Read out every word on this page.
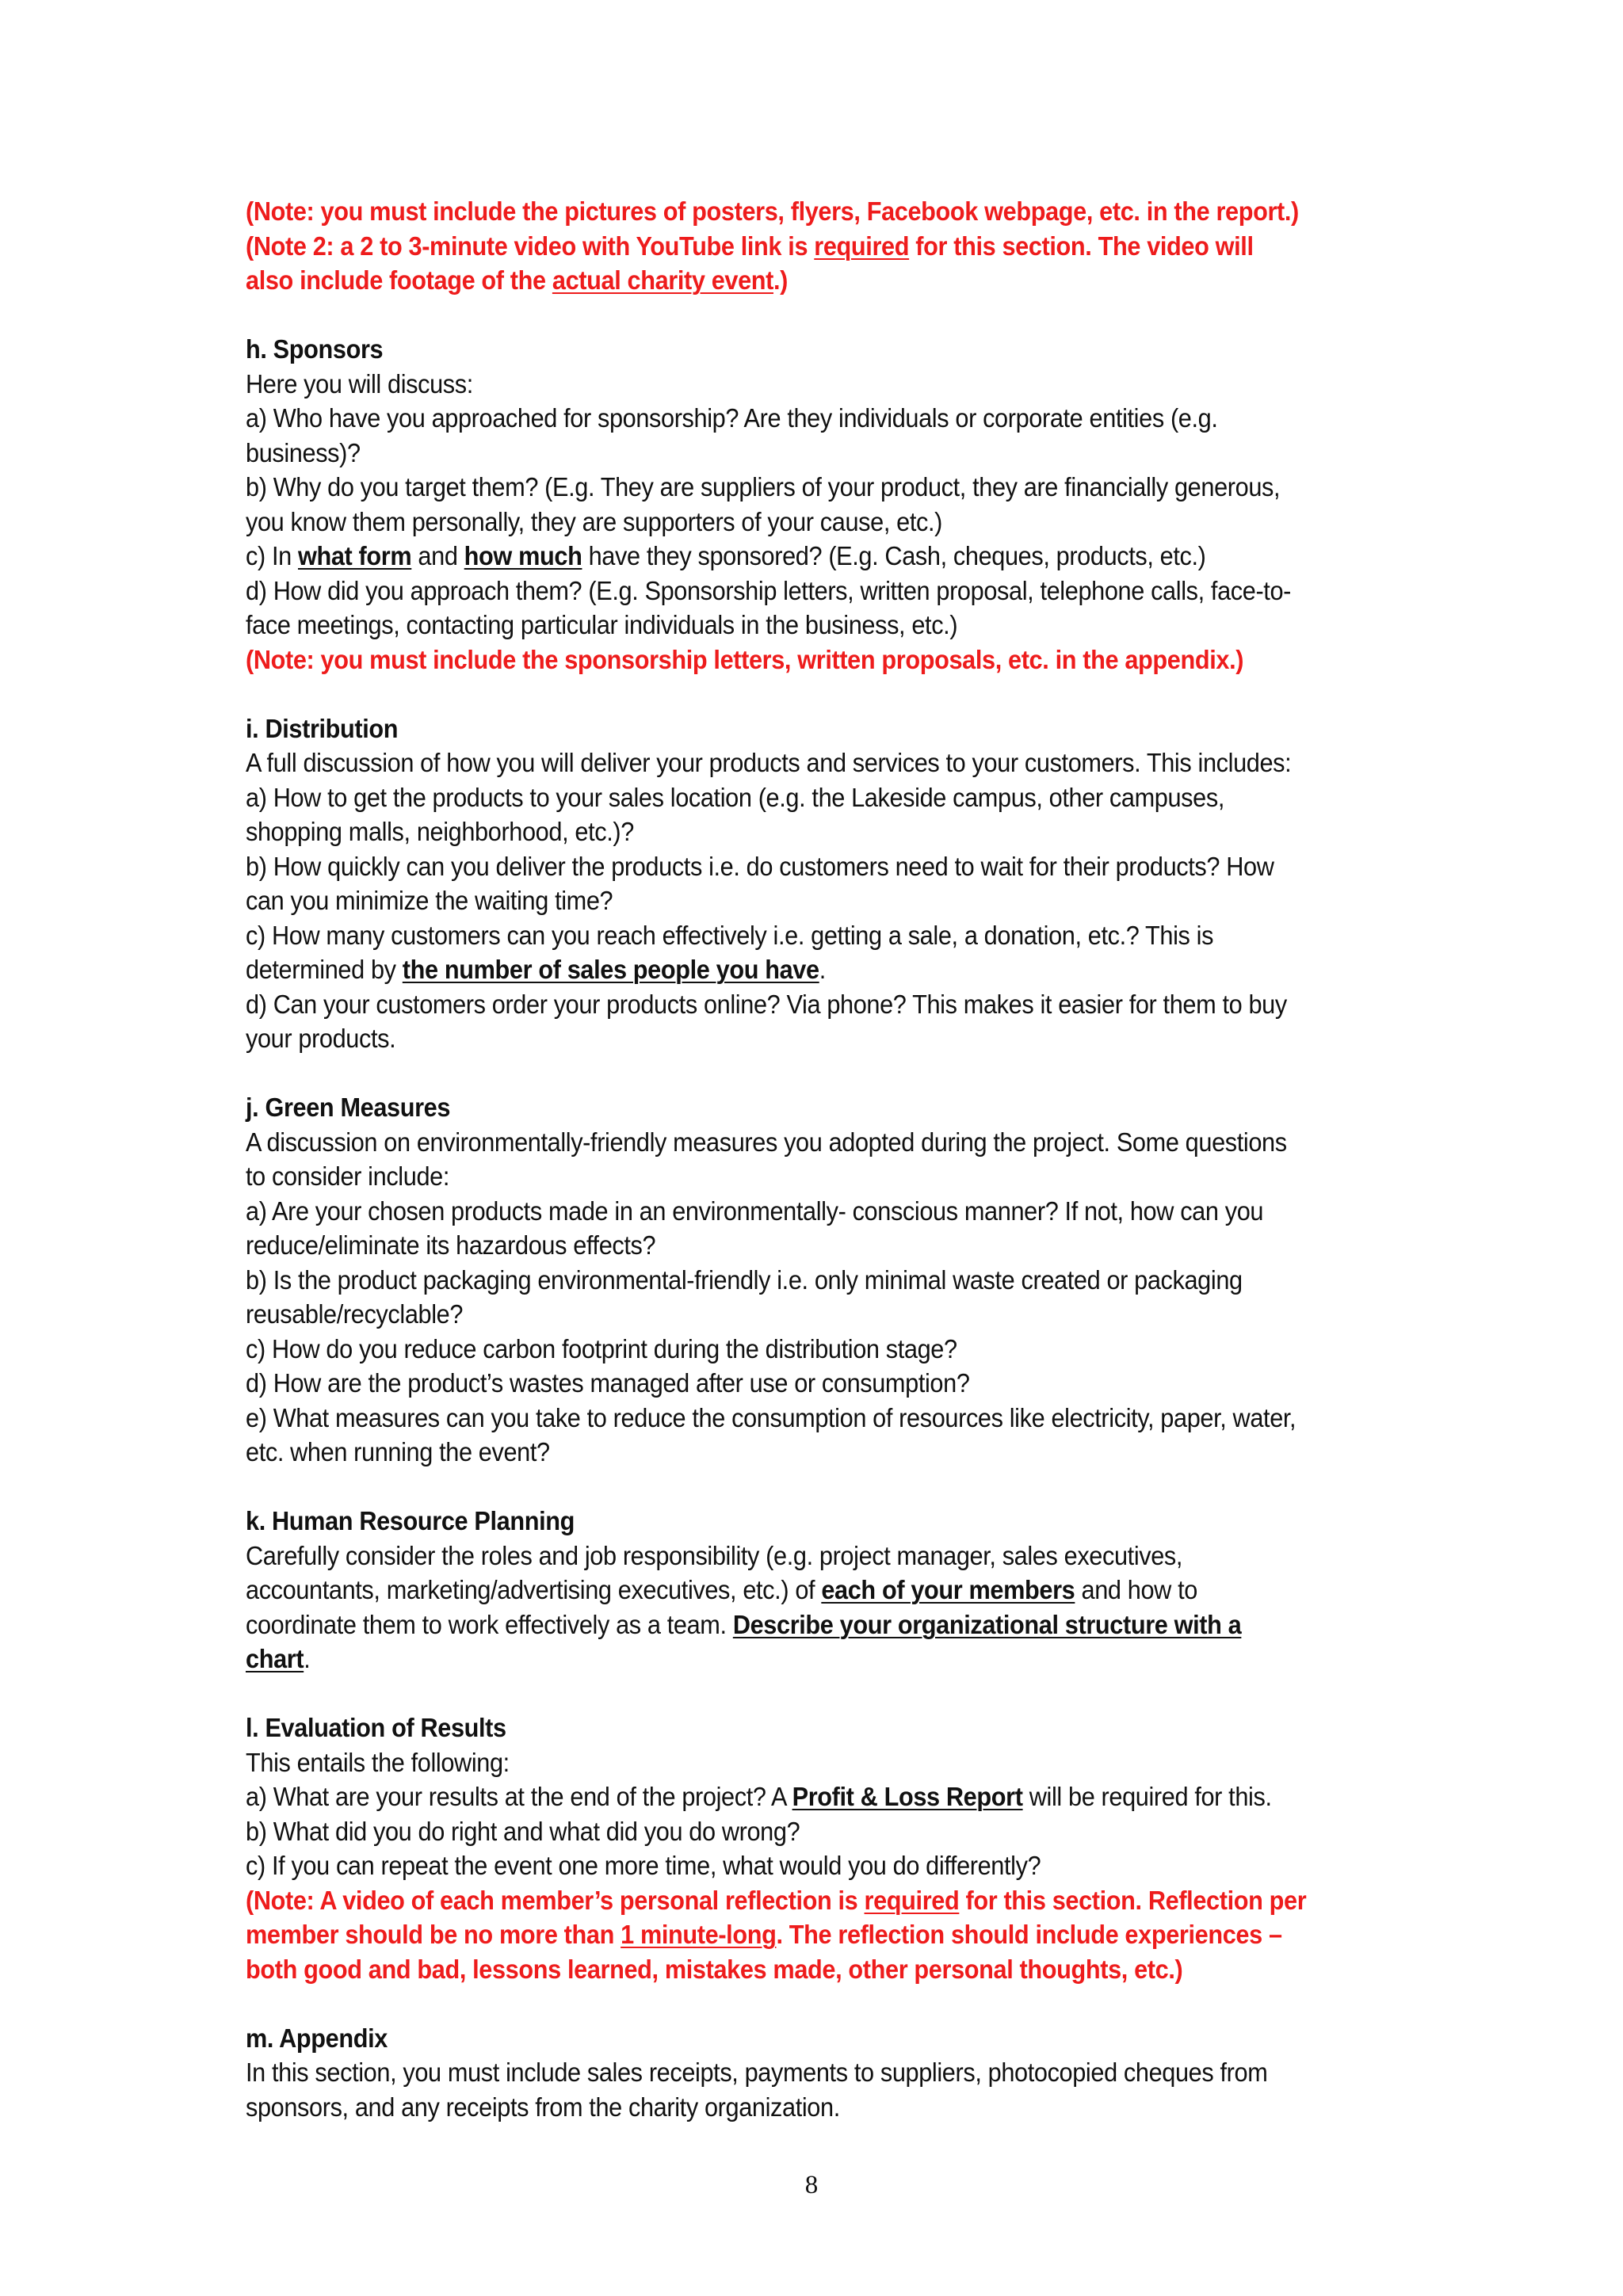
(Note: you must include the pictures of posters, flyers, Facebook webpage, etc. in the report.)

(Note 2: a 2 to 3-minute video with YouTube link is required for this section. The video will also include footage of the actual charity event.)

h. Sponsors

Here you will discuss:

a) Who have you approached for sponsorship? Are they individuals or corporate entities (e.g. business)?

b) Why do you target them? (E.g. They are suppliers of your product, they are financially generous, you know them personally, they are supporters of your cause, etc.)

c) In what form and how much have they sponsored? (E.g. Cash, cheques, products, etc.)

d) How did you approach them? (E.g. Sponsorship letters, written proposal, telephone calls, face-to-face meetings, contacting particular individuals in the business, etc.)

(Note: you must include the sponsorship letters, written proposals, etc. in the appendix.)

i. Distribution

A full discussion of how you will deliver your products and services to your customers. This includes:

a) How to get the products to your sales location (e.g. the Lakeside campus, other campuses, shopping malls, neighborhood, etc.)?

b) How quickly can you deliver the products i.e. do customers need to wait for their products? How can you minimize the waiting time?

c) How many customers can you reach effectively i.e. getting a sale, a donation, etc.? This is determined by the number of sales people you have.

d) Can your customers order your products online? Via phone? This makes it easier for them to buy your products.

j. Green Measures

A discussion on environmentally-friendly measures you adopted during the project. Some questions to consider include:

a) Are your chosen products made in an environmentally- conscious manner? If not, how can you reduce/eliminate its hazardous effects?

b) Is the product packaging environmental-friendly i.e. only minimal waste created or packaging reusable/recyclable?

c) How do you reduce carbon footprint during the distribution stage?

d) How are the product’s wastes managed after use or consumption?

e) What measures can you take to reduce the consumption of resources like electricity, paper, water, etc. when running the event?

k. Human Resource Planning

Carefully consider the roles and job responsibility (e.g. project manager, sales executives, accountants, marketing/advertising executives, etc.) of each of your members and how to coordinate them to work effectively as a team. Describe your organizational structure with a chart.

l. Evaluation of Results

This entails the following:

a) What are your results at the end of the project? A Profit & Loss Report will be required for this.

b) What did you do right and what did you do wrong?

c) If you can repeat the event one more time, what would you do differently?

(Note: A video of each member’s personal reflection is required for this section. Reflection per member should be no more than 1 minute-long. The reflection should include experiences – both good and bad, lessons learned, mistakes made, other personal thoughts, etc.)

m. Appendix

In this section, you must include sales receipts, payments to suppliers, photocopied cheques from sponsors, and any receipts from the charity organization.

8
